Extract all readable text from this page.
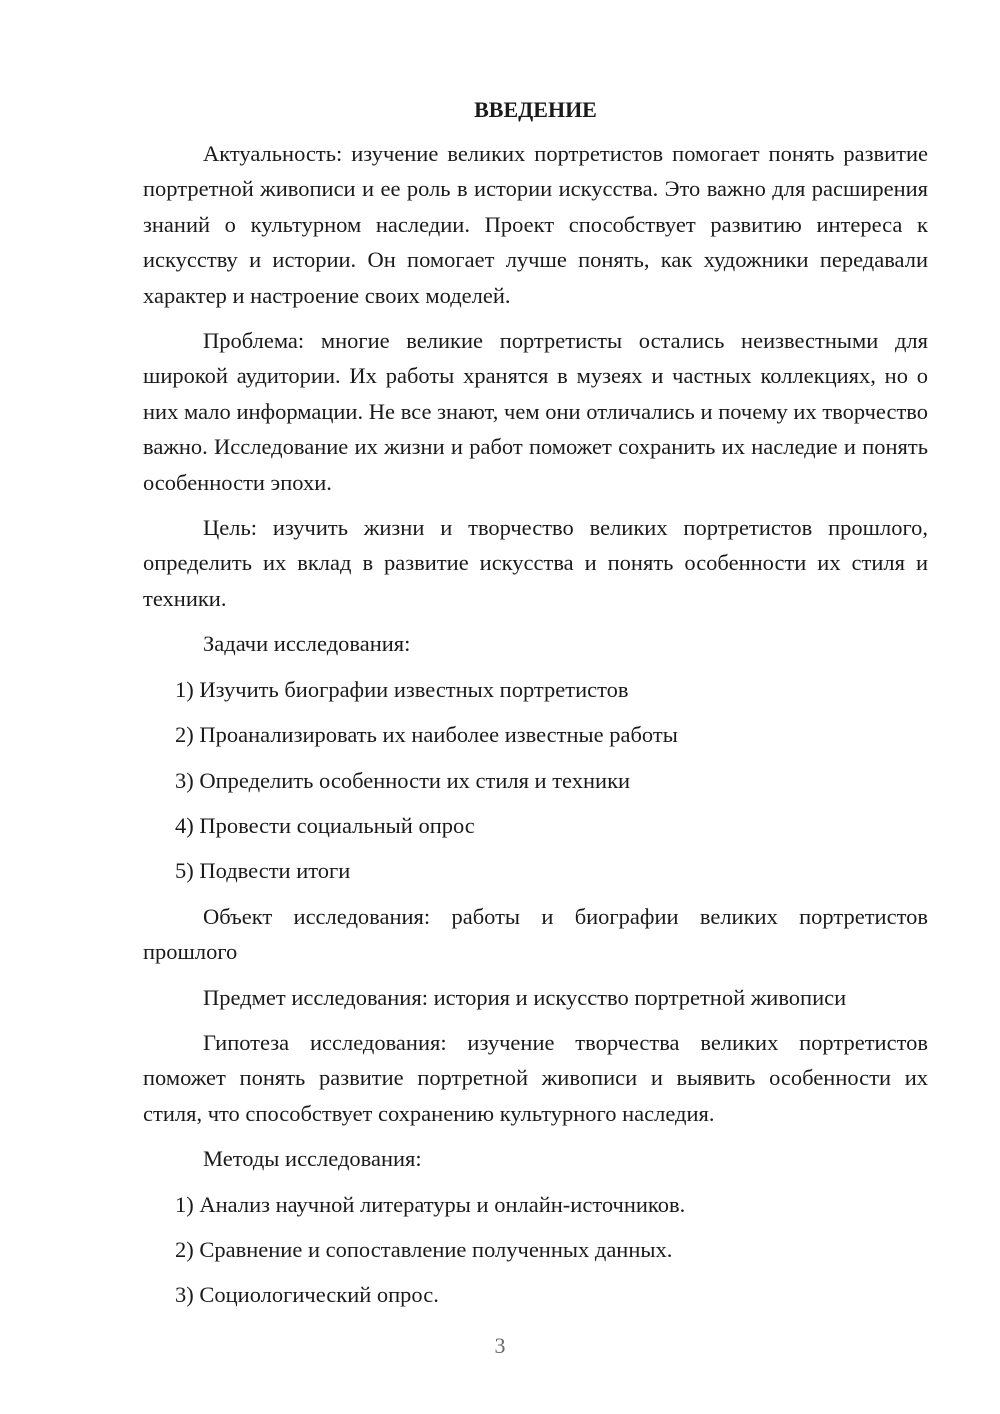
ВВЕДЕНИЕ

Актуальность: изучение великих портретистов помогает понять развитие портретной живописи и ее роль в истории искусства. Это важно для расширения знаний о культурном наследии. Проект способствует развитию интереса к искусству и истории. Он помогает лучше понять, как художники передавали характер и настроение своих моделей.

Проблема: многие великие портретисты остались неизвестными для широкой аудитории. Их работы хранятся в музеях и частных коллекциях, но о них мало информации. Не все знают, чем они отличались и почему их творчество важно. Исследование их жизни и работ поможет сохранить их наследие и понять особенности эпохи.

Цель: изучить жизни и творчество великих портретистов прошлого, определить их вклад в развитие искусства и понять особенности их стиля и техники.

Задачи исследования:

1) Изучить биографии известных портретистов
2) Проанализировать их наиболее известные работы
3) Определить особенности их стиля и техники
4) Провести социальный опрос
5) Подвести итоги

Объект исследования: работы и биографии великих портретистов прошлого

Предмет исследования: история и искусство портретной живописи

Гипотеза исследования: изучение творчества великих портретистов поможет понять развитие портретной живописи и выявить особенности их стиля, что способствует сохранению культурного наследия.

Методы исследования:

1) Анализ научной литературы и онлайн-источников.
2) Сравнение и сопоставление полученных данных.
3) Социологический опрос.
3
